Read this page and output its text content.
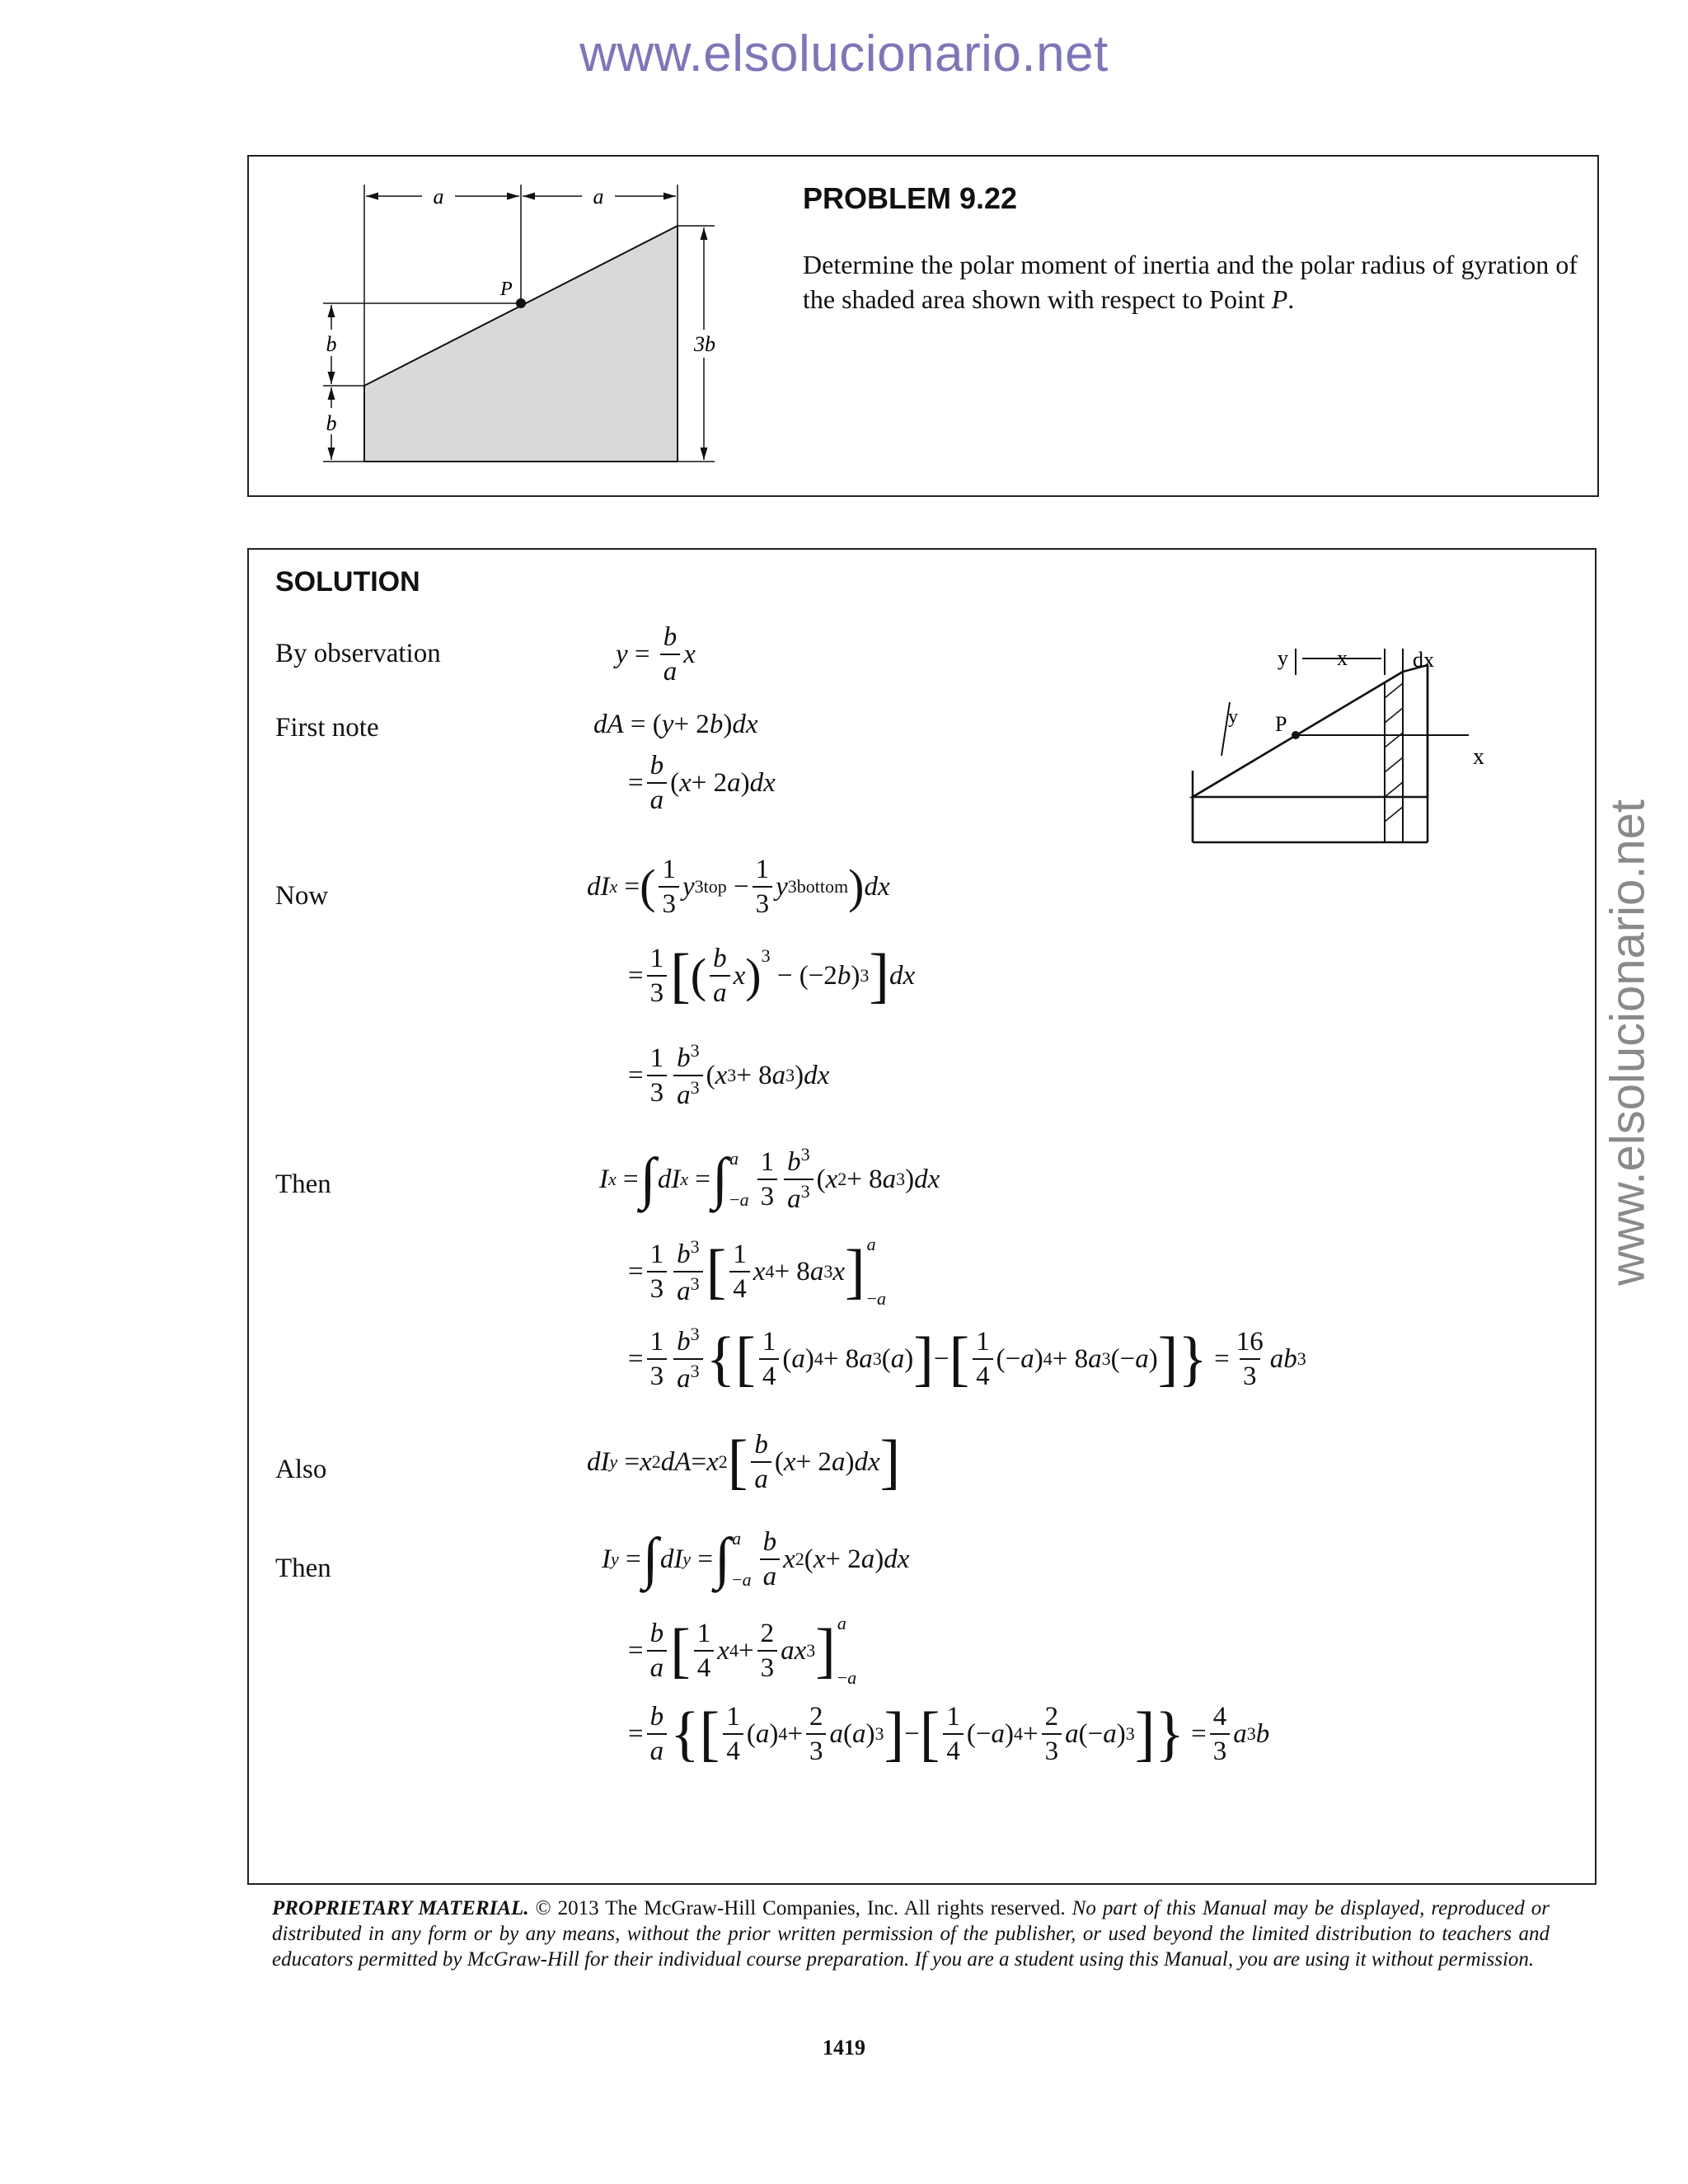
www.elsolucionario.net
www.elsolucionario.net
a	a
P
b
b
3b
PROBLEM 9.22
Determine the polar moment of inertia and the polar radius of gyration of the shaded area shown with respect to Point P.
SOLUTION
By observation
First note
Now
Then
Also
Then
$y = \frac{b}{a}$ x
dA = ( y + 2 b ) dx
= $\frac{b}{a}$ ( x + 2 a ) dx
dI x = ( $\frac{1}{3}$ y 3 top − $\frac{1}{3}$ y 3 bottom ) dx
= $\frac{1}{3}$ [ ( $\frac{b}{a}$ x )$^3$
− (−2 b ) 3 ] dx
= $\frac{1}{3} \frac{b^3}{a^3}$ ( x 3 + 8 a 3 ) dx
I x = ∫ dI x = ∫ a
$-a \frac{1}{3} \frac{b^3}{a^3}$ ( x 2 + 8 a 3 ) dx
= $\frac{1}{3} \frac{b^3}{a^3}$ [ $\frac{1}{4}$ x 4 + 8 a 3 x ] a
−a
= $\frac{1}{3} \frac{b^3}{a^3}$ { [ $\frac{1}{4}$ ( a ) 4 + 8 a 3 ( a ) ] − [ $\frac{1}{4}$ (− a ) 4 + 8 a 3 (− a ) ] } = $\frac{16}{3}$ ab 3
dI y = x 2 dA = x 2 [ $\frac{b}{a}$ ( x + 2 a ) dx ]
I y = ∫ dI y = ∫ a
$-a \frac{b}{a}$ x 2 ( x + 2 a ) dx
= $\frac{b}{a}$ [ $\frac{1}{4}$ x $4 + \frac{2}{3}$ ax 3 ] a
−a
= $\frac{b}{a}$ { [ $\frac{1}{4}$ ( a ) $4 + \frac{2}{3}$ a ( a ) 3 ] − [ $\frac{1}{4}$ (− a ) $4 + \frac{2}{3}$ a (− a ) 3 ] } = $\frac{4}{3}$ a 3 b
y x	dx
y P
x
PROPRIETARY MATERIAL. © 2013 The McGraw-Hill Companies, Inc. All rights reserved. No part of this Manual may be displayed, reproduced or distributed in any form or by any means, without the prior written permission of the publisher, or used beyond the limited distribution to teachers and educators permitted by McGraw-Hill for their individual course preparation. If you are a student using this Manual, you are using it without permission.
1419
